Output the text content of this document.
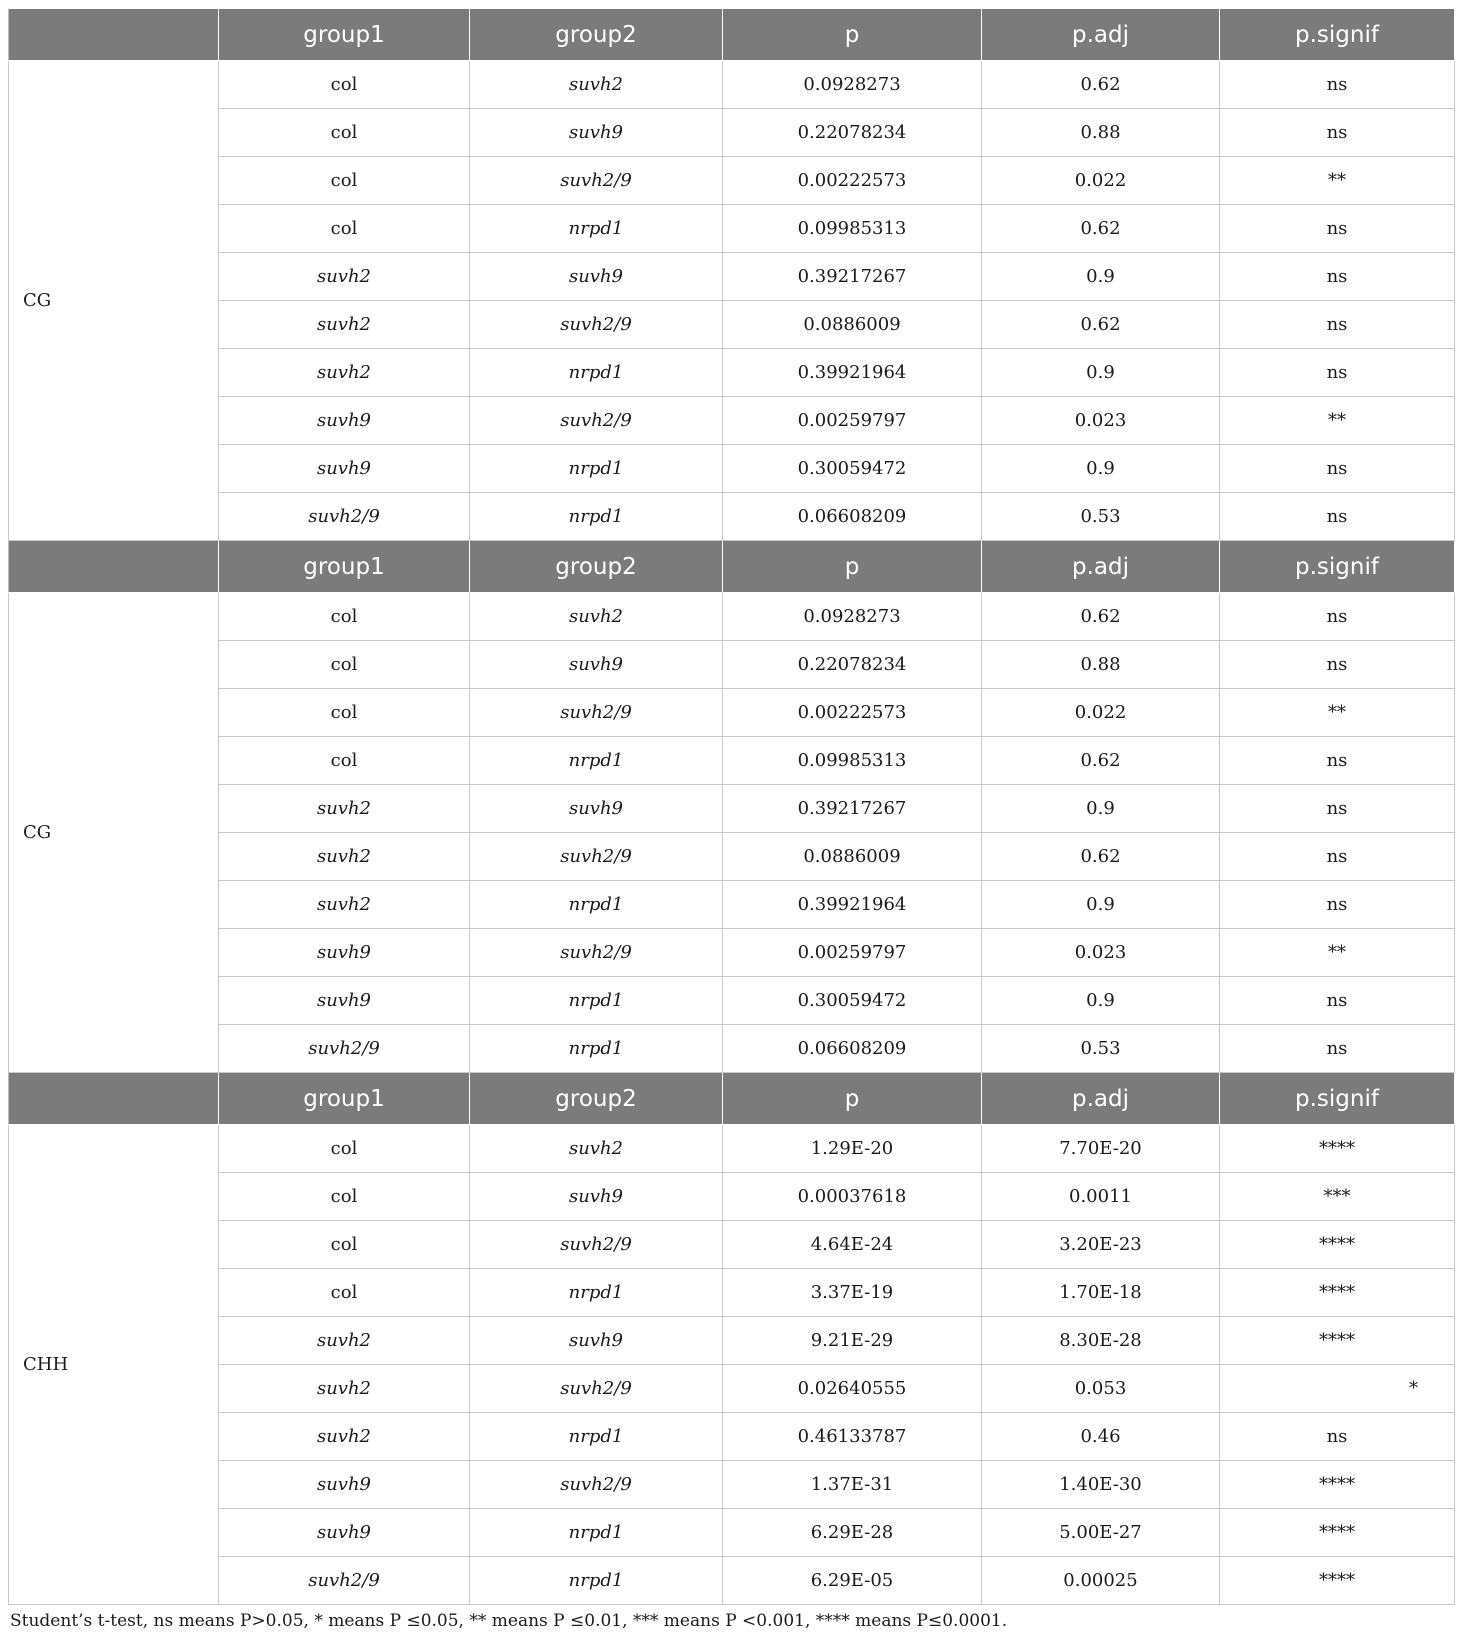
	group1	group2	p	p.adj	p.signif
CG	col	suvh2	0.0928273	0.62	ns
	col	suvh9	0.22078234	0.88	ns
	col	suvh2/9	0.00222573	0.022	**
	col	nrpd1	0.09985313	0.62	ns
	suvh2	suvh9	0.39217267	0.9	ns
	suvh2	suvh2/9	0.0886009	0.62	ns
	suvh2	nrpd1	0.39921964	0.9	ns
	suvh9	suvh2/9	0.00259797	0.023	**
	suvh9	nrpd1	0.30059472	0.9	ns
	suvh2/9	nrpd1	0.06608209	0.53	ns
	group1	group2	p	p.adj	p.signif
CG	col	suvh2	0.0928273	0.62	ns
	col	suvh9	0.22078234	0.88	ns
	col	suvh2/9	0.00222573	0.022	**
	col	nrpd1	0.09985313	0.62	ns
	suvh2	suvh9	0.39217267	0.9	ns
	suvh2	suvh2/9	0.0886009	0.62	ns
	suvh2	nrpd1	0.39921964	0.9	ns
	suvh9	suvh2/9	0.00259797	0.023	**
	suvh9	nrpd1	0.30059472	0.9	ns
	suvh2/9	nrpd1	0.06608209	0.53	ns
	group1	group2	p	p.adj	p.signif
CHH	col	suvh2	1.29E-20	7.70E-20	****
	col	suvh9	0.00037618	0.0011	***
	col	suvh2/9	4.64E-24	3.20E-23	****
	col	nrpd1	3.37E-19	1.70E-18	****
	suvh2	suvh9	9.21E-29	8.30E-28	****
	suvh2	suvh2/9	0.02640555	0.053	*
	suvh2	nrpd1	0.46133787	0.46	ns
	suvh9	suvh2/9	1.37E-31	1.40E-30	****
	suvh9	nrpd1	6.29E-28	5.00E-27	****
	suvh2/9	nrpd1	6.29E-05	0.00025	****
Student’s t-test, ns means P>0.05, * means P ≤0.05, ** means P ≤0.01, *** means P <0.001, **** means P≤0.0001.
